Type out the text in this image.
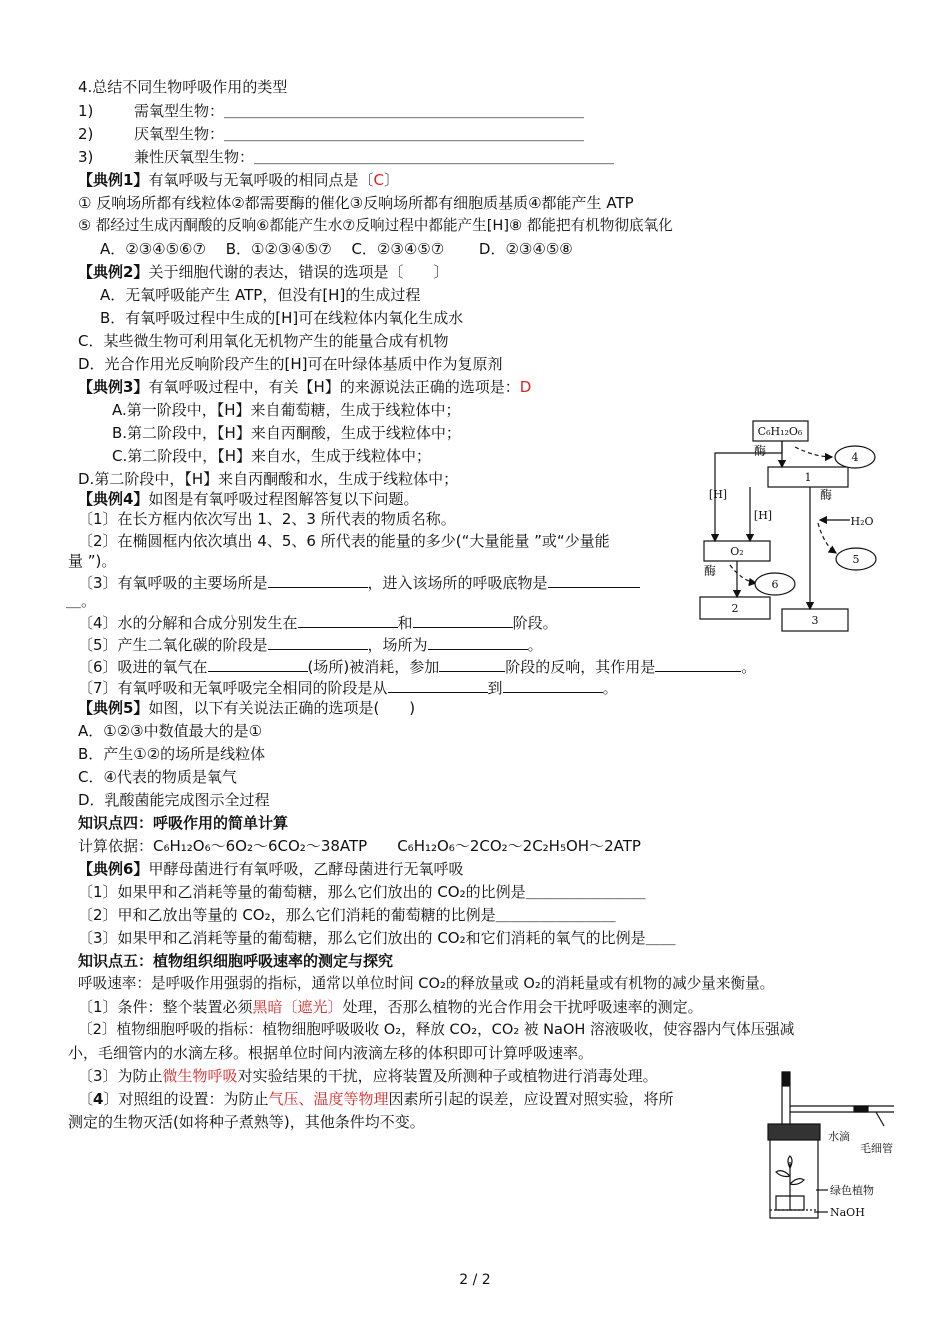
4.总结不同生物呼吸作用的类型
1)	需氧型生物：＿＿＿＿＿＿＿＿＿＿＿＿＿＿＿＿＿＿＿＿＿＿＿＿
2)	厌氧型生物：＿＿＿＿＿＿＿＿＿＿＿＿＿＿＿＿＿＿＿＿＿＿＿＿
3)	兼性厌氧型生物：＿＿＿＿＿＿＿＿＿＿＿＿＿＿＿＿＿＿＿＿＿＿＿＿
【典例1】有氧呼吸与无氧呼吸的相同点是〔C〕
① 反响场所都有线粒体②都需要酶的催化③反响场所都有细胞质基质④都能产生 ATP
⑤ 都经过生成丙酮酸的反响⑥都能产生水⑦反响过程中都能产生[H]⑧ 都能把有机物彻底氧化
A．②③④⑤⑥⑦　 B．①②③④⑤⑦　 C．②③④⑤⑦　　 D．②③④⑤⑧
【典例2】关于细胞代谢的表达，错误的选项是〔　　〕
A．无氧呼吸能产生 ATP，但没有[H]的生成过程
B．有氧呼吸过程中生成的[H]可在线粒体内氧化生成水
C．某些微生物可利用氧化无机物产生的能量合成有机物
D．光合作用光反响阶段产生的[H]可在叶绿体基质中作为复原剂
【典例3】有氧呼吸过程中，有关【H】的来源说法正确的选项是：D
A.第一阶段中，【H】来自葡萄糖，生成于线粒体中；
B.第二阶段中，【H】来自丙酮酸，生成于线粒体中；
C.第二阶段中，【H】来自水，生成于线粒体中；
D.第二阶段中，【H】来自丙酮酸和水，生成于线粒体中；
【典例4】如图是有氧呼吸过程图解答复以下问题。
〔1〕在长方框内依次写出 1、2、3 所代表的物质名称。
〔2〕在椭圆框内依次填出 4、5、6 所代表的能量的多少(“大量能量 ”或“少量能
量 ”)。
〔3〕有氧呼吸的主要场所是	，进入该场所的呼吸底物是
＿。
〔4〕水的分解和合成分别发生在	和	阶段。
〔5〕产生二氧化碳的阶段是	，场所为	。
〔6〕吸进的氧气在	(场所)被消耗，参加	阶段的反响，其作用是	。
〔7〕有氧呼吸和无氧呼吸完全相同的阶段是从	到	。
【典例5】如图，以下有关说法正确的选项是(　　)
A．①②③中数值最大的是①
B．产生①②的场所是线粒体
C．④代表的物质是氧气
D．乳酸菌能完成图示全过程
知识点四：呼吸作用的简单计算
计算依据：C₆H₁₂O₆～6O₂～6CO₂～38ATP　　C₆H₁₂O₆～2CO₂～2C₂H₅OH～2ATP
【典例6】甲酵母菌进行有氧呼吸，乙酵母菌进行无氧呼吸
〔1〕如果甲和乙消耗等量的葡萄糖，那么它们放出的 CO₂的比例是＿＿＿＿＿＿＿＿
〔2〕甲和乙放出等量的 CO₂，那么它们消耗的葡萄糖的比例是＿＿＿＿＿＿＿＿
〔3〕如果甲和乙消耗等量的葡萄糖，那么它们放出的 CO₂和它们消耗的氧气的比例是＿＿
知识点五：植物组织细胞呼吸速率的测定与探究
呼吸速率：是呼吸作用强弱的指标，通常以单位时间 CO₂的释放量或 O₂的消耗量或有机物的减少量来衡量。
〔1〕条件：整个装置必须黑暗〔遮光〕处理，否那么植物的光合作用会干扰呼吸速率的测定。
〔2〕植物细胞呼吸的指标：植物细胞呼吸吸收 O₂，释放 CO₂，CO₂ 被 NaOH 溶液吸收，使容器内气体压强减
小，毛细管内的水滴左移。根据单位时间内液滴左移的体积即可计算呼吸速率。
〔3〕为防止微生物呼吸对实验结果的干扰，应将装置及所测种子或植物进行消毒处理。
〔4〕对照组的设置：为防止气压、温度等物理因素所引起的误差，应设置对照实验，将所
测定的生物灭活(如将种子煮熟等)，其他条件均不变。
C₆H₁₂O₆
酶
酶
酶
[H]
[H]	H₂O
O₂
1
2
3
4
5
6
水滴
毛细管
绿色植物
NaOH
2 / 2
